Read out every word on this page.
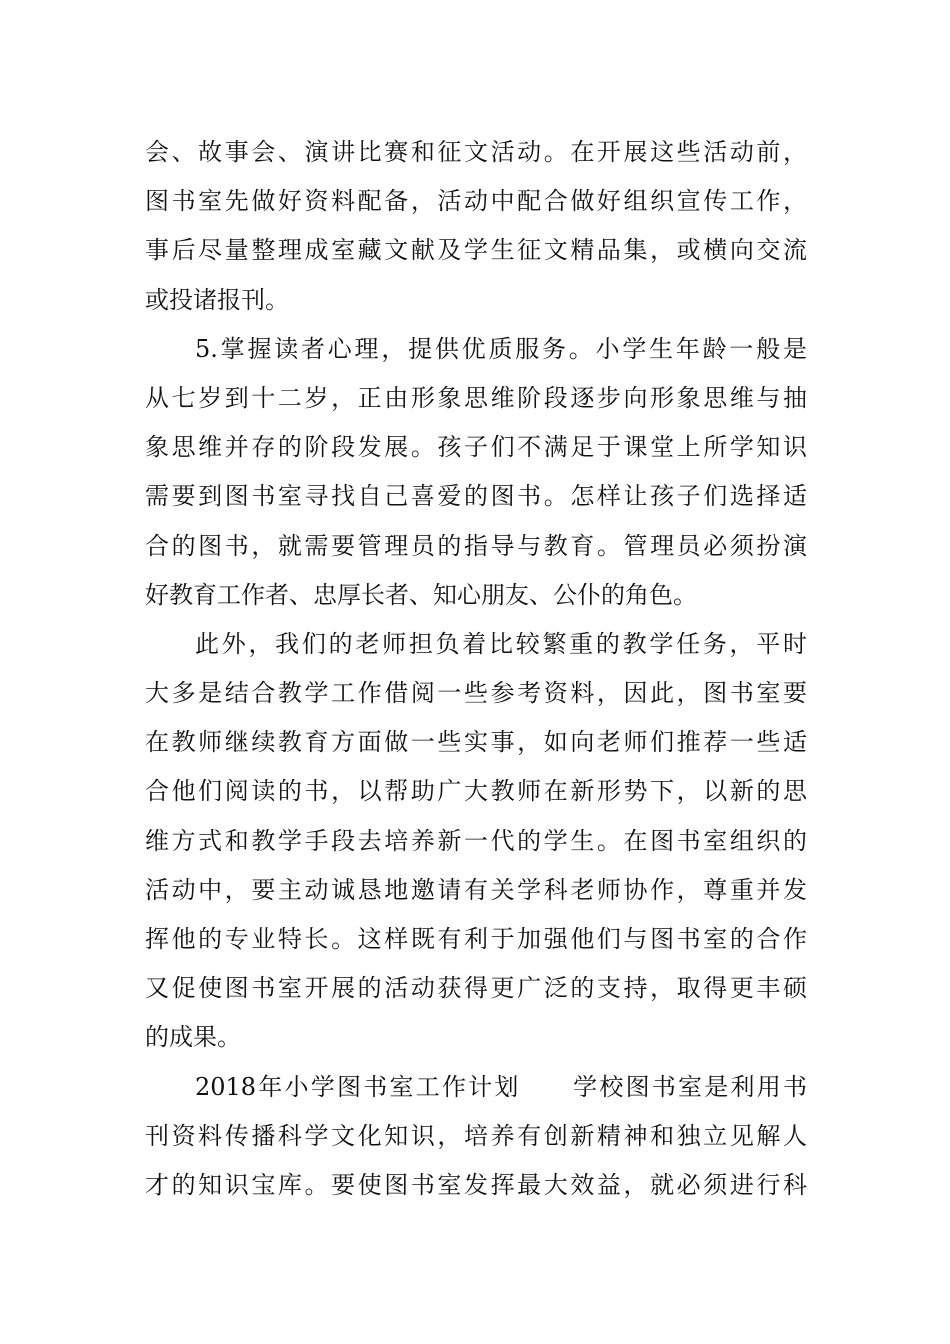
会、故事会、演讲比赛和征文活动。在开展这些活动前，
图书室先做好资料配备，活动中配合做好组织宣传工作，
事后尽量整理成室藏文献及学生征文精品集，或横向交流
或投诸报刊。
5.掌握读者心理，提供优质服务。小学生年龄一般是
从七岁到十二岁，正由形象思维阶段逐步向形象思维与抽
象思维并存的阶段发展。孩子们不满足于课堂上所学知识
需要到图书室寻找自己喜爱的图书。怎样让孩子们选择适
合的图书，就需要管理员的指导与教育。管理员必须扮演
好教育工作者、忠厚长者、知心朋友、公仆的角色。
此外，我们的老师担负着比较繁重的教学任务，平时
大多是结合教学工作借阅一些参考资料，因此，图书室要
在教师继续教育方面做一些实事，如向老师们推荐一些适
合他们阅读的书，以帮助广大教师在新形势下，以新的思
维方式和教学手段去培养新一代的学生。在图书室组织的
活动中，要主动诚恳地邀请有关学科老师协作，尊重并发
挥他的专业特长。这样既有利于加强他们与图书室的合作
又促使图书室开展的活动获得更广泛的支持，取得更丰硕
的成果。
2018年小学图书室工作计划　　学校图书室是利用书
刊资料传播科学文化知识，培养有创新精神和独立见解人
才的知识宝库。要使图书室发挥最大效益，就必须进行科
